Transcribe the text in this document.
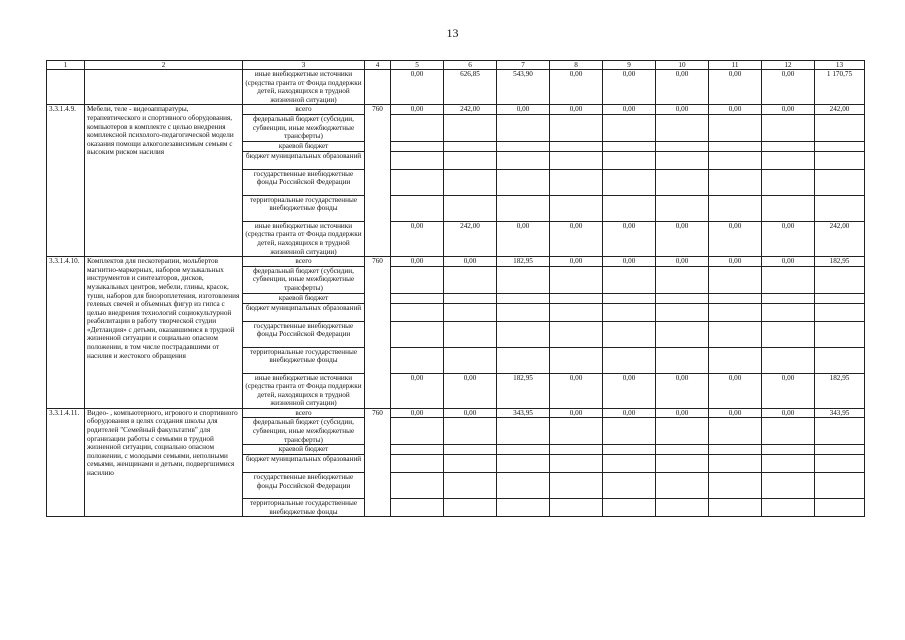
13
1	2	3	4	5	6	7	8	9	10	11	12	13
		иные внебюджетные источники (средства гранта от Фонда поддержки детей, находящихся в трудной жизненной ситуации)		0,00	626,85	543,90	0,00	0,00	0,00	0,00	0,00	1 170,75
3.3.1.4.9.	Мебели, теле - видеоаппаратуры, терапевтического и спортивного оборудования, компьютеров в комплекте с целью внедрения комплексной психолого-педагогической модели оказания помощи алкоголезависимым семьям с высоким риском насилия	всего	760	0,00	242,00	0,00	0,00	0,00	0,00	0,00	0,00	242,00
		федеральный бюджет (субсидии, субвенции, иные межбюджетные трансферты)										
		краевой бюджет										
		бюджет муниципальных образований										
		государственные внебюджетные фонды Российской Федерации										
		территориальные государственные внебюджетные фонды										
		иные внебюджетные источники (средства гранта от Фонда поддержки детей, находящихся в трудной жизненной ситуации)		0,00	242,00	0,00	0,00	0,00	0,00	0,00	0,00	242,00
3.3.1.4.10.	Комплектов для пескотерапии, мольбертов магнитно-маркерных, наборов музыкальных инструментов и синтезаторов, дисков, музыкальных центров, мебели, глины, красок, туши, наборов для биоэроплетения, изготовления гелевых свечей и объемных фигур из гипса с целью внедрения технологий социокультурной реабилитации в работу творческой студии «Детландия» с детьми, оказавшимися в трудной жизненной ситуации и социально опасном положении, в том числе пострадавшими от насилия и жестокого обращения	всего	760	0,00	0,00	182,95	0,00	0,00	0,00	0,00	0,00	182,95
		федеральный бюджет (субсидии, субвенции, иные межбюджетные трансферты)										
		краевой бюджет										
		бюджет муниципальных образований										
		государственные внебюджетные фонды Российской Федерации										
		территориальные государственные внебюджетные фонды										
		иные внебюджетные источники (средства гранта от Фонда поддержки детей, находящихся в трудной жизненной ситуации)		0,00	0,00	182,95	0,00	0,00	0,00	0,00	0,00	182,95
3.3.1.4.11.	Видео- , компьютерного, игрового и спортивного оборудования в целях создания школы для родителей "Семейный факультатив" для организации работы с семьями в трудной жизненной ситуации, социально опасном положении, с молодыми семьями, неполными семьями, женщинами и детьми, подвергшимися насилию	всего	760	0,00	0,00	343,95	0,00	0,00	0,00	0,00	0,00	343,95
		федеральный бюджет (субсидии, субвенции, иные межбюджетные трансферты)										
		краевой бюджет										
		бюджет муниципальных образований										
		государственные внебюджетные фонды Российской Федерации										
		территориальные государственные внебюджетные фонды										
